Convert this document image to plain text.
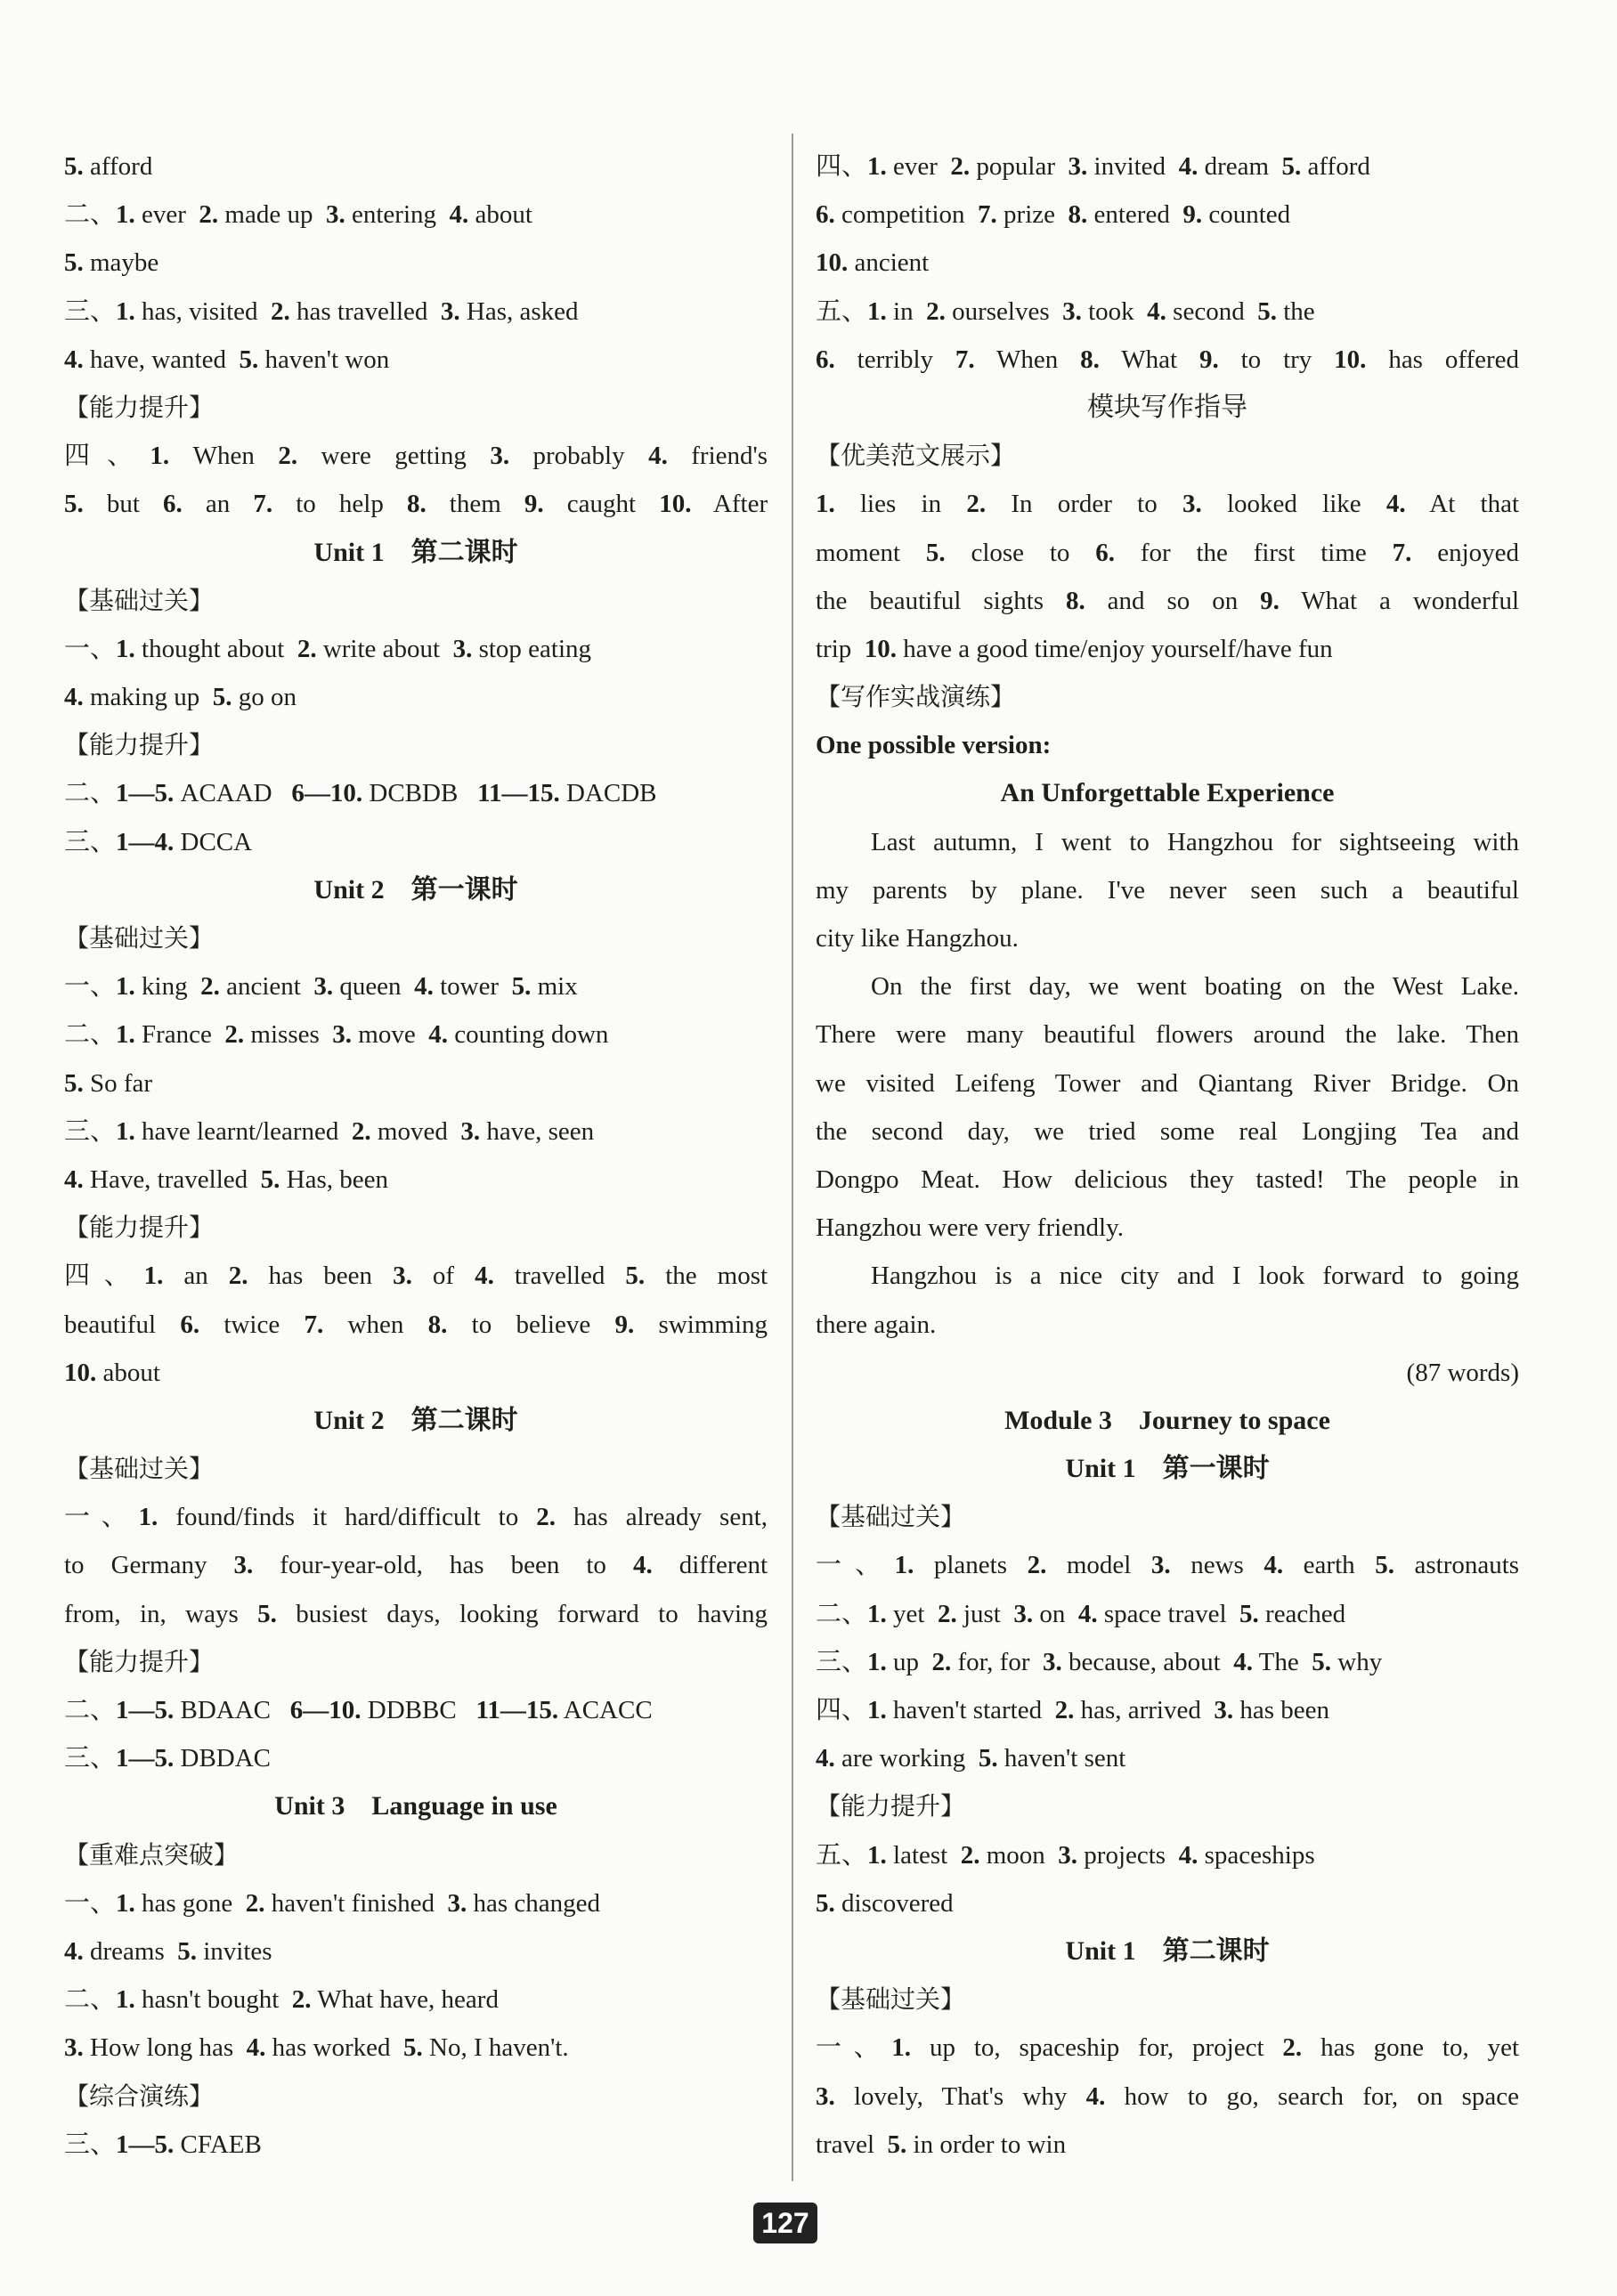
5. afford
二、1. ever 2. made up 3. entering 4. about
5. maybe
三、1. has, visited 2. has travelled 3. Has, asked
4. have, wanted 5. haven't won
【能力提升】
四、1. When 2. were getting 3. probably 4. friend's
5. but 6. an 7. to help 8. them 9. caught 10. After
Unit 1　第二课时
【基础过关】
一、1. thought about 2. write about 3. stop eating
4. making up 5. go on
【能力提升】
二、1—5. ACAAD 6—10. DCBDB 11—15. DACDB
三、1—4. DCCA
Unit 2　第一课时
【基础过关】
一、1. king 2. ancient 3. queen 4. tower 5. mix
二、1. France 2. misses 3. move 4. counting down
5. So far
三、1. have learnt/learned 2. moved 3. have, seen
4. Have, travelled 5. Has, been
【能力提升】
四、1. an 2. has been 3. of 4. travelled 5. the most
beautiful 6. twice 7. when 8. to believe 9. swimming
10. about
Unit 2　第二课时
【基础过关】
一、1. found/finds it hard/difficult to 2. has already sent,
to Germany 3. four-year-old, has been to 4. different
from, in, ways 5. busiest days, looking forward to having
【能力提升】
二、1—5. BDAAC 6—10. DDBBC 11—15. ACACC
三、1—5. DBDAC
Unit 3　Language in use
【重难点突破】
一、1. has gone 2. haven't finished 3. has changed
4. dreams 5. invites
二、1. hasn't bought 2. What have, heard
3. How long has 4. has worked 5. No, I haven't.
【综合演练】
三、1—5. CFAEB
四、1. ever 2. popular 3. invited 4. dream 5. afford
6. competition 7. prize 8. entered 9. counted
10. ancient
五、1. in 2. ourselves 3. took 4. second 5. the
6. terribly 7. When 8. What 9. to try 10. has offered
模块写作指导
【优美范文展示】
1. lies in 2. In order to 3. looked like 4. At that
moment 5. close to 6. for the first time 7. enjoyed
the beautiful sights 8. and so on 9. What a wonderful
trip 10. have a good time/enjoy yourself/have fun
【写作实战演练】
One possible version:
An Unforgettable Experience
Last autumn, I went to Hangzhou for sightseeing with
my parents by plane. I've never seen such a beautiful
city like Hangzhou.
On the first day, we went boating on the West Lake.
There were many beautiful flowers around the lake. Then
we visited Leifeng Tower and Qiantang River Bridge. On
the second day, we tried some real Longjing Tea and
Dongpo Meat. How delicious they tasted! The people in
Hangzhou were very friendly.
Hangzhou is a nice city and I look forward to going
there again.
(87 words)
Module 3　Journey to space
Unit 1　第一课时
【基础过关】
一、1. planets 2. model 3. news 4. earth 5. astronauts
二、1. yet 2. just 3. on 4. space travel 5. reached
三、1. up 2. for, for 3. because, about 4. The 5. why
四、1. haven't started 2. has, arrived 3. has been
4. are working 5. haven't sent
【能力提升】
五、1. latest 2. moon 3. projects 4. spaceships
5. discovered
Unit 1　第二课时
【基础过关】
一、1. up to, spaceship for, project 2. has gone to, yet
3. lovely, That's why 4. how to go, search for, on space
travel 5. in order to win
127
